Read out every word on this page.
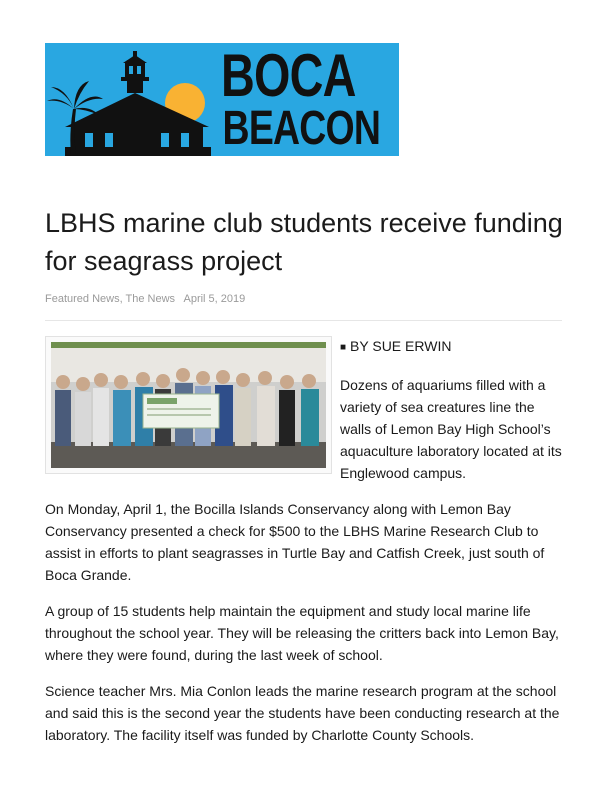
BOCA
BEACON
LBHS marine club students receive funding for seagrass project
Featured News, The News April 5, 2019
■ BY SUE ERWIN

Dozens of aquariums filled with a variety of sea creatures line the walls of Lemon Bay High School’s aquaculture laboratory located at its Englewood campus.

On Monday, April 1, the Bocilla Islands Conservancy along with Lemon Bay Conservancy presented a check for $500 to the LBHS Marine Research Club to assist in efforts to plant seagrasses in Turtle Bay and Catfish Creek, just south of Boca Grande.

A group of 15 students help maintain the equipment and study local marine life throughout the school year. They will be releasing the critters back into Lemon Bay, where they were found, during the last week of school.

Science teacher Mrs. Mia Conlon leads the marine research program at the school and said this is the second year the students have been conducting research at the laboratory. The facility itself was funded by Charlotte County Schools.
